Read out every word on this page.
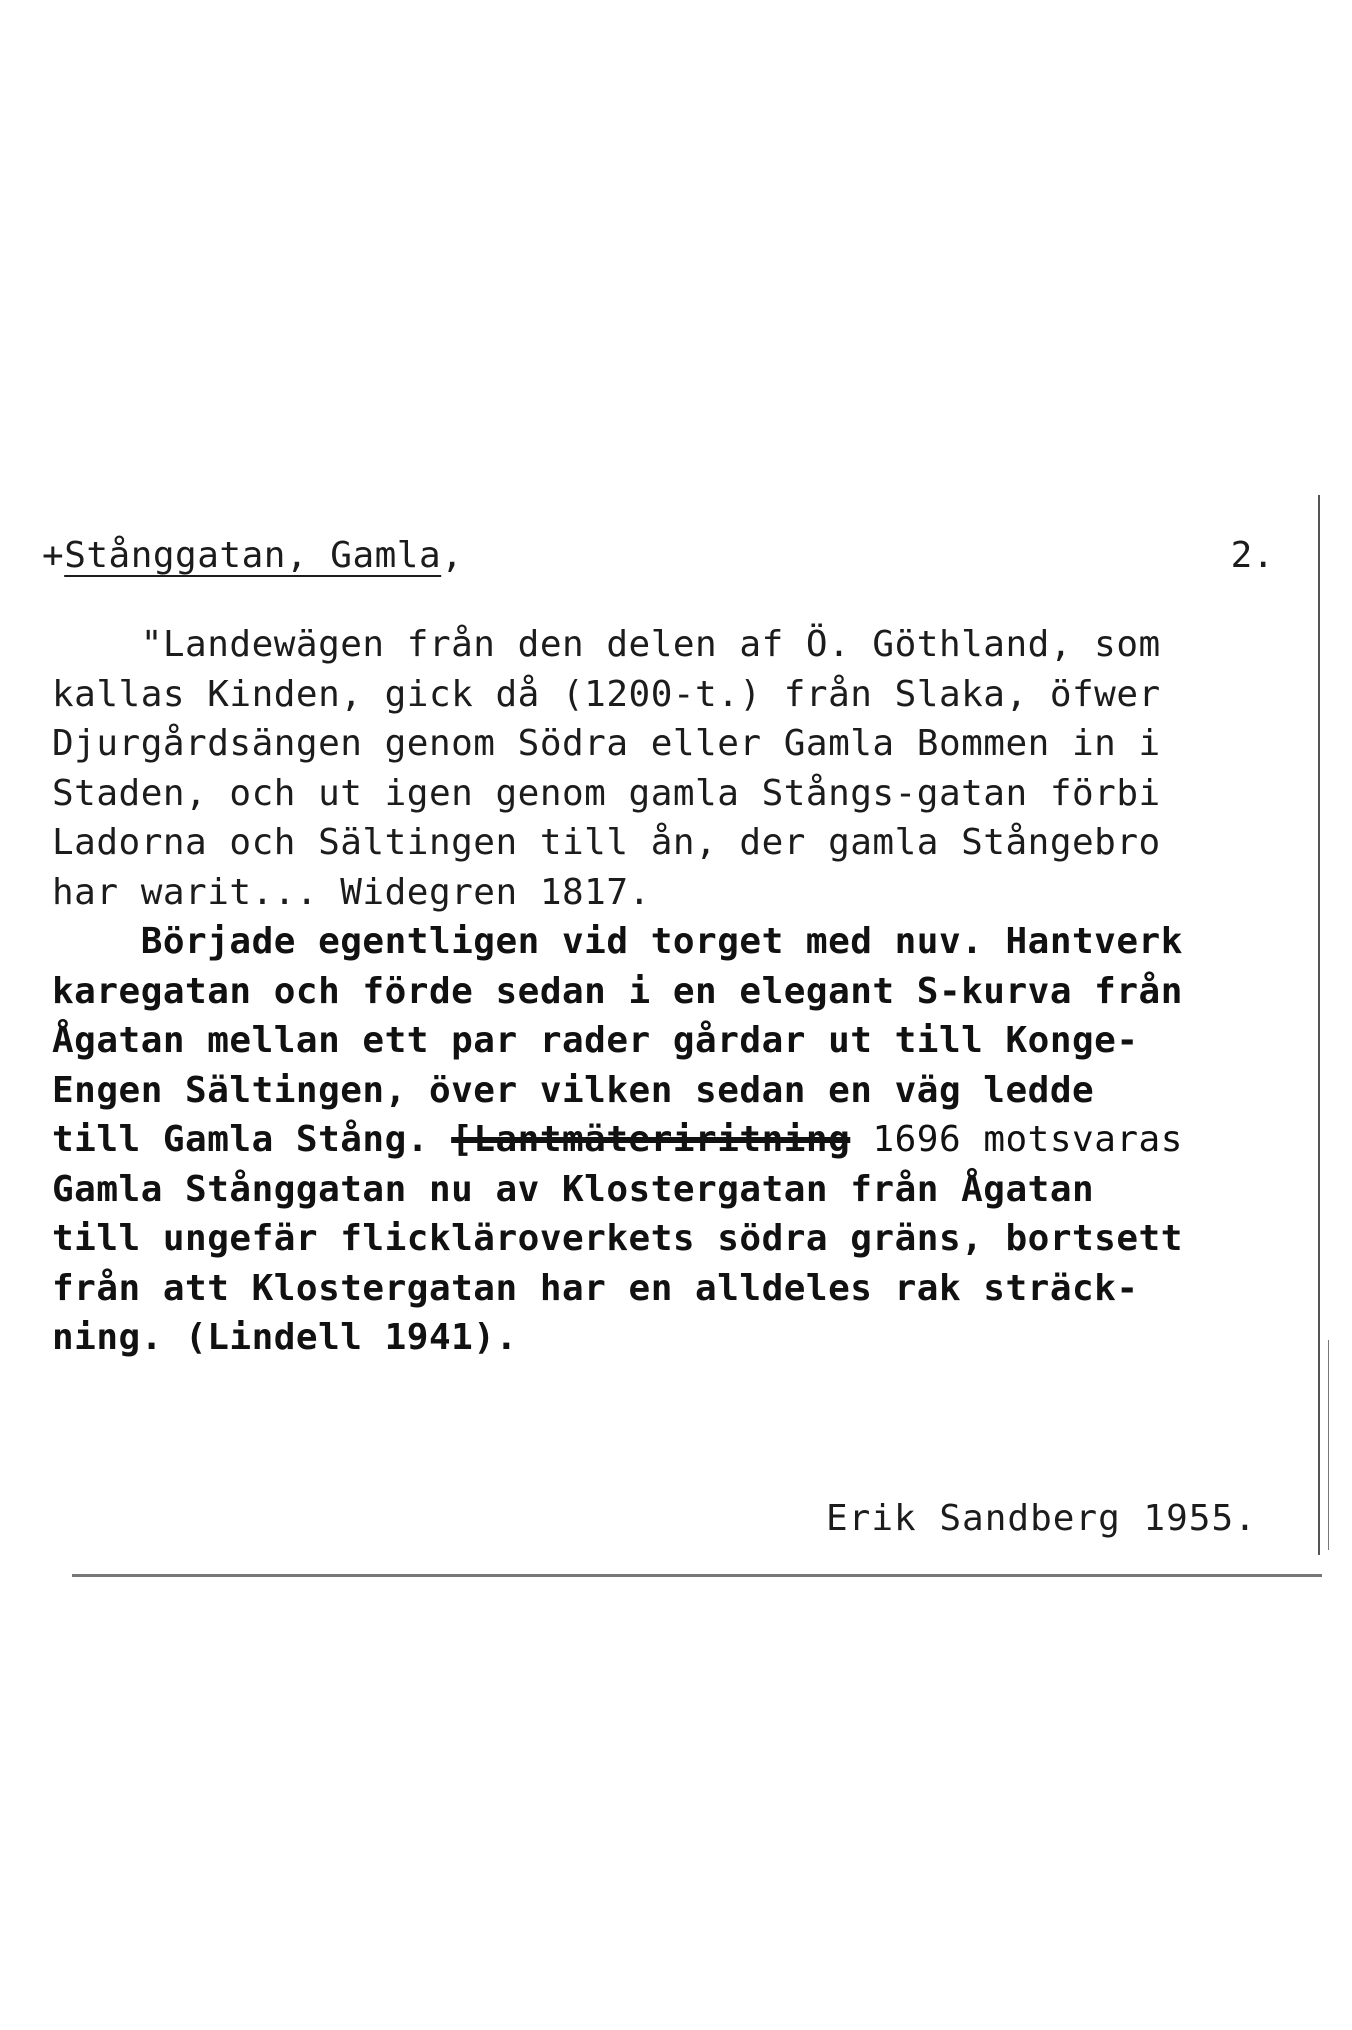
+Stånggatan, Gamla,	2.
"Landewägen från den delen af Ö. Göthland, som
kallas Kinden, gick då (1200-t.) från Slaka, öfwer
Djurgårdsängen genom Södra eller Gamla Bommen in i
Staden, och ut igen genom gamla Stångs-gatan förbi
Ladorna och Sältingen till ån, der gamla Stångebro
har warit... Widegren 1817.
Började egentligen vid torget med nuv. Hantverk
karegatan och förde sedan i en elegant S-kurva från
Ågatan mellan ett par rader gårdar ut till Konge-
Engen Sältingen, över vilken sedan en väg ledde
till Gamla Stång. [Lantmäteriritning 1696 motsvaras
Gamla Stånggatan nu av Klostergatan från Ågatan
till ungefär flickläroverkets södra gräns, bortsett
från att Klostergatan har en alldeles rak sträck-
ning. (Lindell 1941).
Erik Sandberg 1955.
